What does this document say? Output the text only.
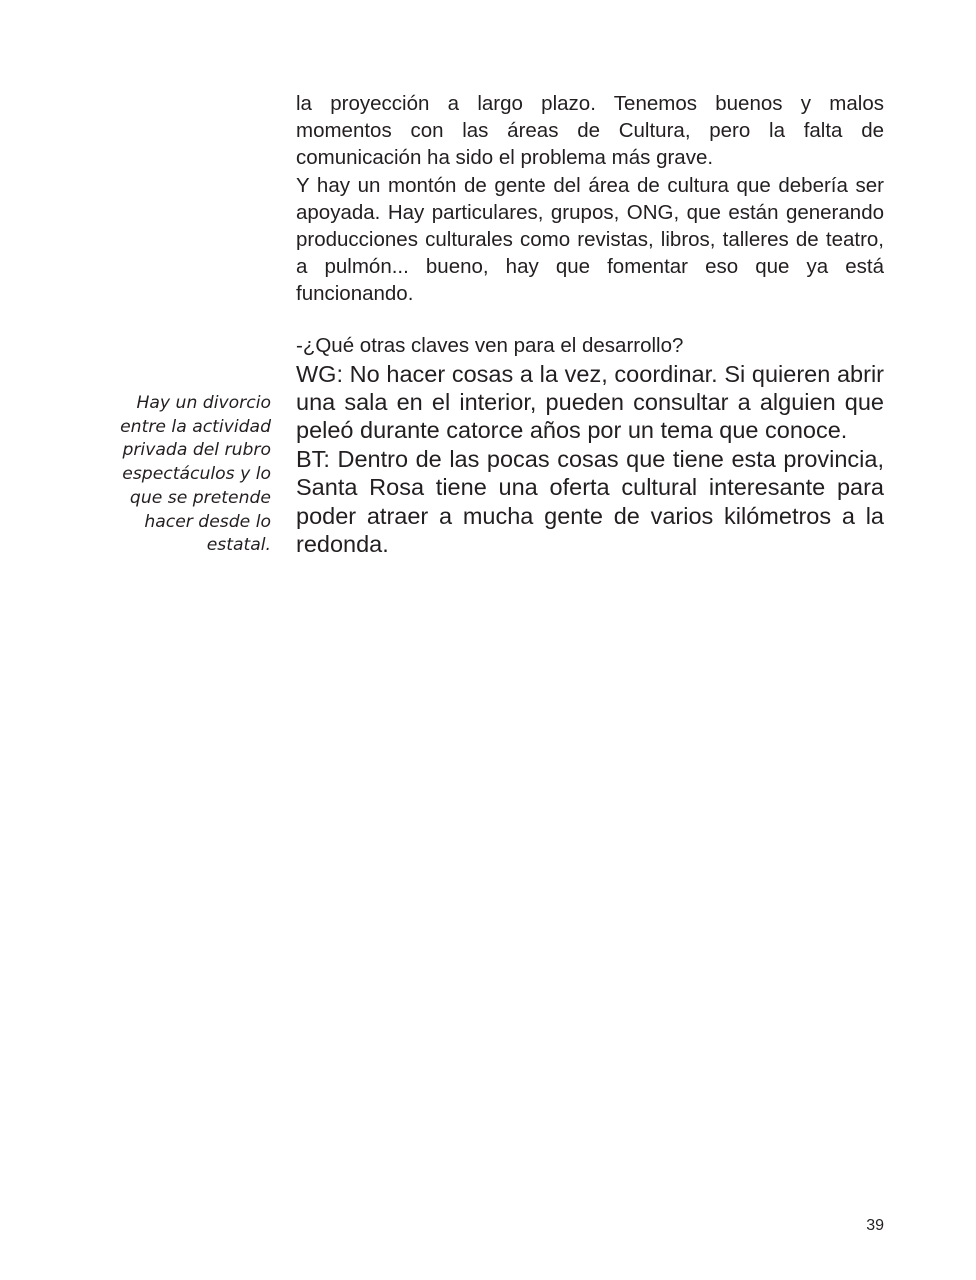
la proyección a largo plazo. Tenemos buenos y malos momentos con las áreas de Cultura, pero la falta de comunicación ha sido el problema más grave.

Y hay un montón de gente del área de cultura que debería ser apoyada. Hay particulares, grupos, ONG, que están generando producciones culturales como revistas, libros, talleres de teatro, a pulmón... bueno, hay que fomentar eso que ya está funcionando.

-¿Qué otras claves ven para el desarrollo?

WG: No hacer cosas a la vez, coordinar. Si quieren abrir una sala en el interior, pueden consultar a alguien que peleó durante catorce años por un tema que conoce.

BT: Dentro de las pocas cosas que tiene esta provincia, Santa Rosa tiene una oferta cultural interesante para poder atraer a mucha gente de varios kilómetros a la redonda.

Hay un divorcio entre la actividad privada del rubro espectáculos y lo que se pretende hacer desde lo estatal.

39
